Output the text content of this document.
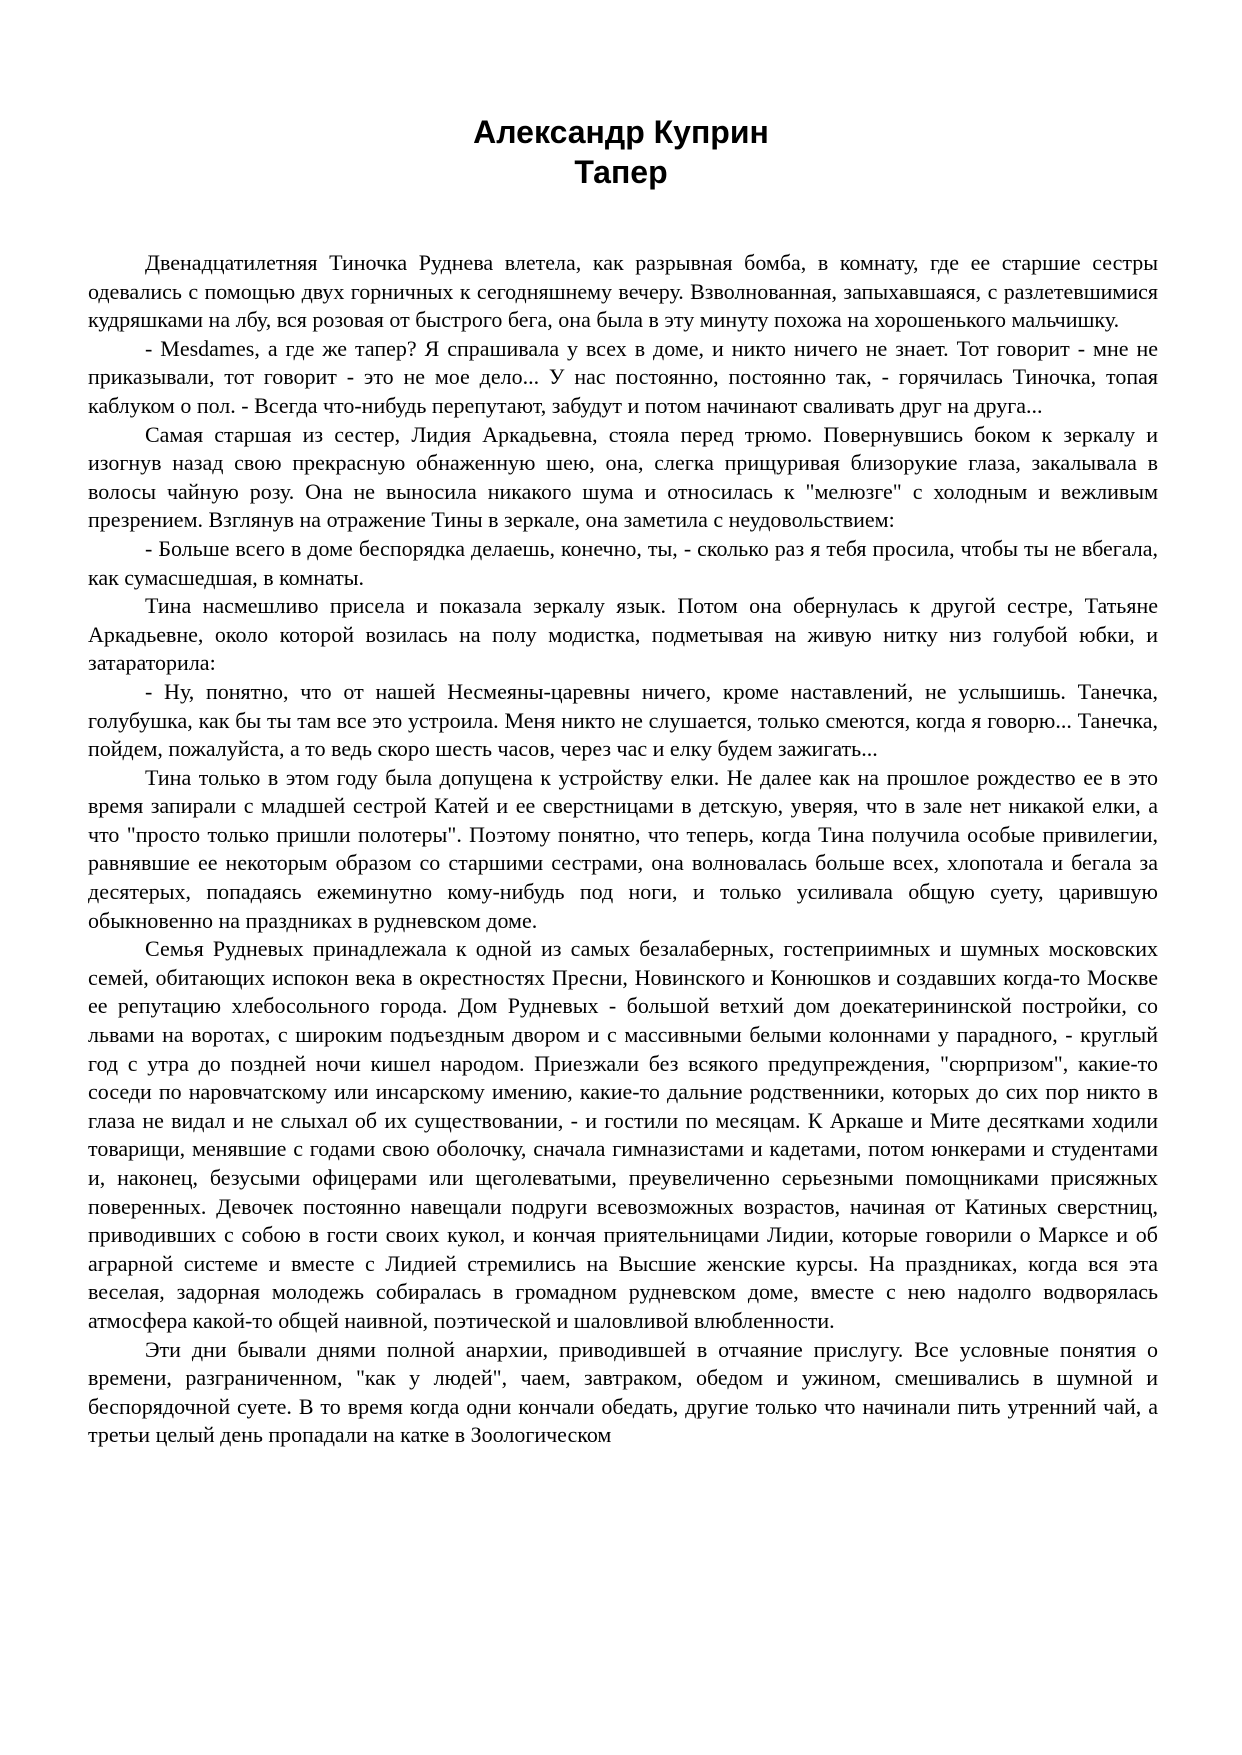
Александр Куприн
Тапер

Двенадцатилетняя Тиночка Руднева влетела, как разрывная бомба, в комнату, где ее старшие сестры одевались с помощью двух горничных к сегодняшнему вечеру. Взволнованная, запыхавшаяся, с разлетевшимися кудряшками на лбу, вся розовая от быстрого бега, она была в эту минуту похожа на хорошенького мальчишку.

- Mesdames, а где же тапер? Я спрашивала у всех в доме, и никто ничего не знает. Тот говорит - мне не приказывали, тот говорит - это не мое дело... У нас постоянно, постоянно так, - горячилась Тиночка, топая каблуком о пол. - Всегда что-нибудь перепутают, забудут и потом начинают сваливать друг на друга...

Самая старшая из сестер, Лидия Аркадьевна, стояла перед трюмо. Повернувшись боком к зеркалу и изогнув назад свою прекрасную обнаженную шею, она, слегка прищуривая близорукие глаза, закалывала в волосы чайную розу. Она не выносила никакого шума и относилась к "мелюзге" с холодным и вежливым презрением. Взглянув на отражение Тины в зеркале, она заметила с неудовольствием:

- Больше всего в доме беспорядка делаешь, конечно, ты, - сколько раз я тебя просила, чтобы ты не вбегала, как сумасшедшая, в комнаты.

Тина насмешливо присела и показала зеркалу язык. Потом она обернулась к другой сестре, Татьяне Аркадьевне, около которой возилась на полу модистка, подметывая на живую нитку низ голубой юбки, и затараторила:

- Ну, понятно, что от нашей Несмеяны-царевны ничего, кроме наставлений, не услышишь. Танечка, голубушка, как бы ты там все это устроила. Меня никто не слушается, только смеются, когда я говорю... Танечка, пойдем, пожалуйста, а то ведь скоро шесть часов, через час и елку будем зажигать...

Тина только в этом году была допущена к устройству елки. Не далее как на прошлое рождество ее в это время запирали с младшей сестрой Катей и ее сверстницами в детскую, уверяя, что в зале нет никакой елки, а что "просто только пришли полотеры". Поэтому понятно, что теперь, когда Тина получила особые привилегии, равнявшие ее некоторым образом со старшими сестрами, она волновалась больше всех, хлопотала и бегала за десятерых, попадаясь ежеминутно кому-нибудь под ноги, и только усиливала общую суету, царившую обыкновенно на праздниках в рудневском доме.

Семья Рудневых принадлежала к одной из самых безалаберных, гостеприимных и шумных московских семей, обитающих испокон века в окрестностях Пресни, Новинского и Конюшков и создавших когда-то Москве ее репутацию хлебосольного города. Дом Рудневых - большой ветхий дом доекатерининской постройки, со львами на воротах, с широким подъездным двором и с массивными белыми колоннами у парадного, - круглый год с утра до поздней ночи кишел народом. Приезжали без всякого предупреждения, "сюрпризом", какие-то соседи по наровчатскому или инсарскому имению, какие-то дальние родственники, которых до сих пор никто в глаза не видал и не слыхал об их существовании, - и гостили по месяцам. К Аркаше и Мите десятками ходили товарищи, менявшие с годами свою оболочку, сначала гимназистами и кадетами, потом юнкерами и студентами и, наконец, безусыми офицерами или щеголеватыми, преувеличенно серьезными помощниками присяжных поверенных. Девочек постоянно навещали подруги всевозможных возрастов, начиная от Катиных сверстниц, приводивших с собою в гости своих кукол, и кончая приятельницами Лидии, которые говорили о Марксе и об аграрной системе и вместе с Лидией стремились на Высшие женские курсы. На праздниках, когда вся эта веселая, задорная молодежь собиралась в громадном рудневском доме, вместе с нею надолго водворялась атмосфера какой-то общей наивной, поэтической и шаловливой влюбленности.

Эти дни бывали днями полной анархии, приводившей в отчаяние прислугу. Все условные понятия о времени, разграниченном, "как у людей", чаем, завтраком, обедом и ужином, смешивались в шумной и беспорядочной суете. В то время когда одни кончали обедать, другие только что начинали пить утренний чай, а третьи целый день пропадали на катке в Зоологическом
